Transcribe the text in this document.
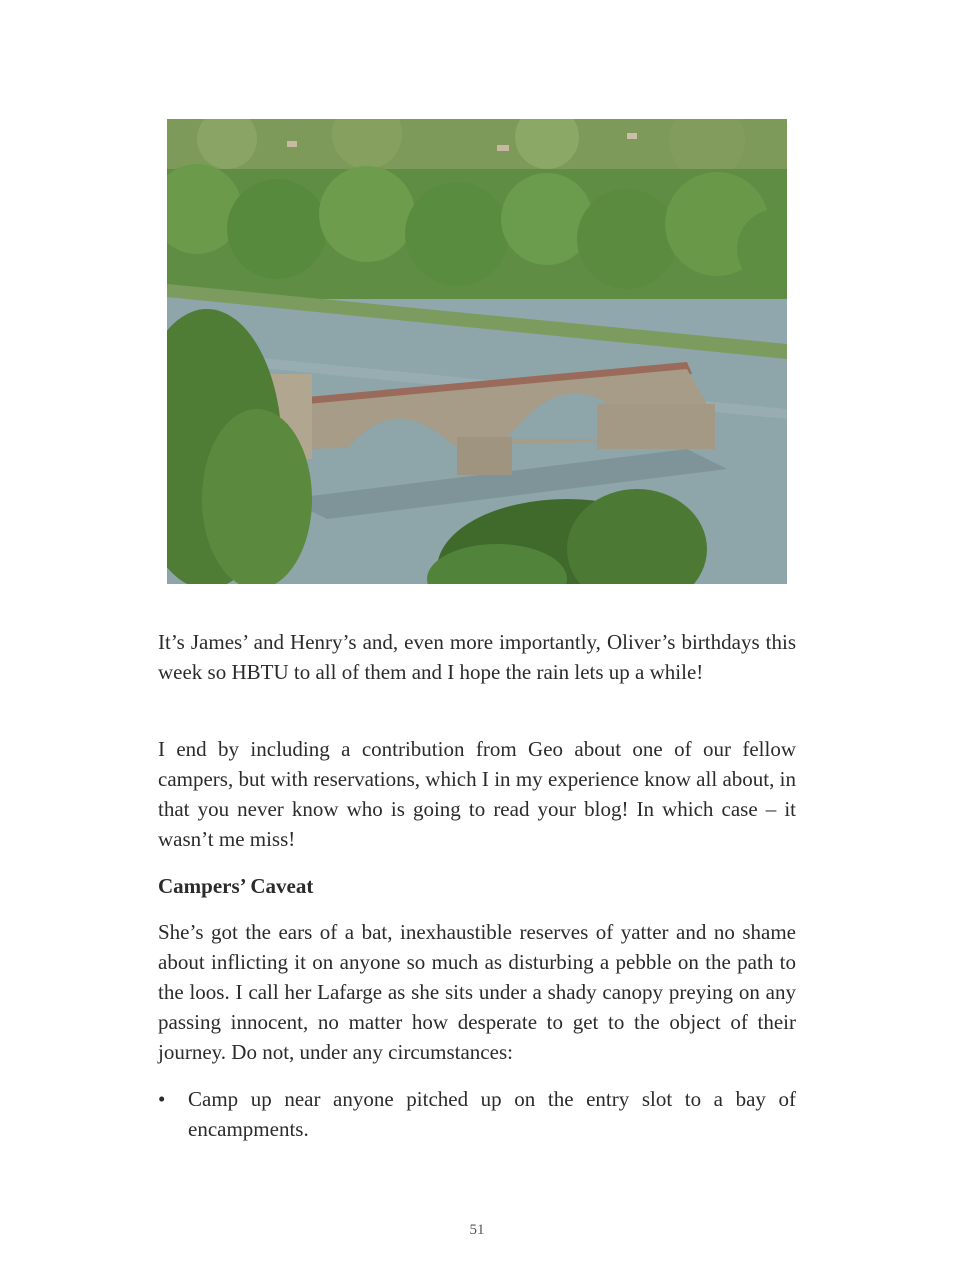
It’s James’ and Henry’s and, even more importantly, Oliver’s birthdays this week so HBTU to all of them and I hope the rain lets up a while!

I end by including a contribution from Geo about one of our fellow campers, but with reservations, which I in my experience know all about, in that you never know who is going to read your blog! In which case – it wasn’t me miss!

Campers’ Caveat

She’s got the ears of a bat, inexhaustible reserves of yatter and no shame about inflicting it on anyone so much as disturbing a pebble on the path to the loos. I call her Lafarge as she sits under a shady canopy preying on any passing innocent, no matter how desperate to get to the object of their journey. Do not, under any circumstances:

• Camp up near anyone pitched up on the entry slot to a bay of encampments.
51
